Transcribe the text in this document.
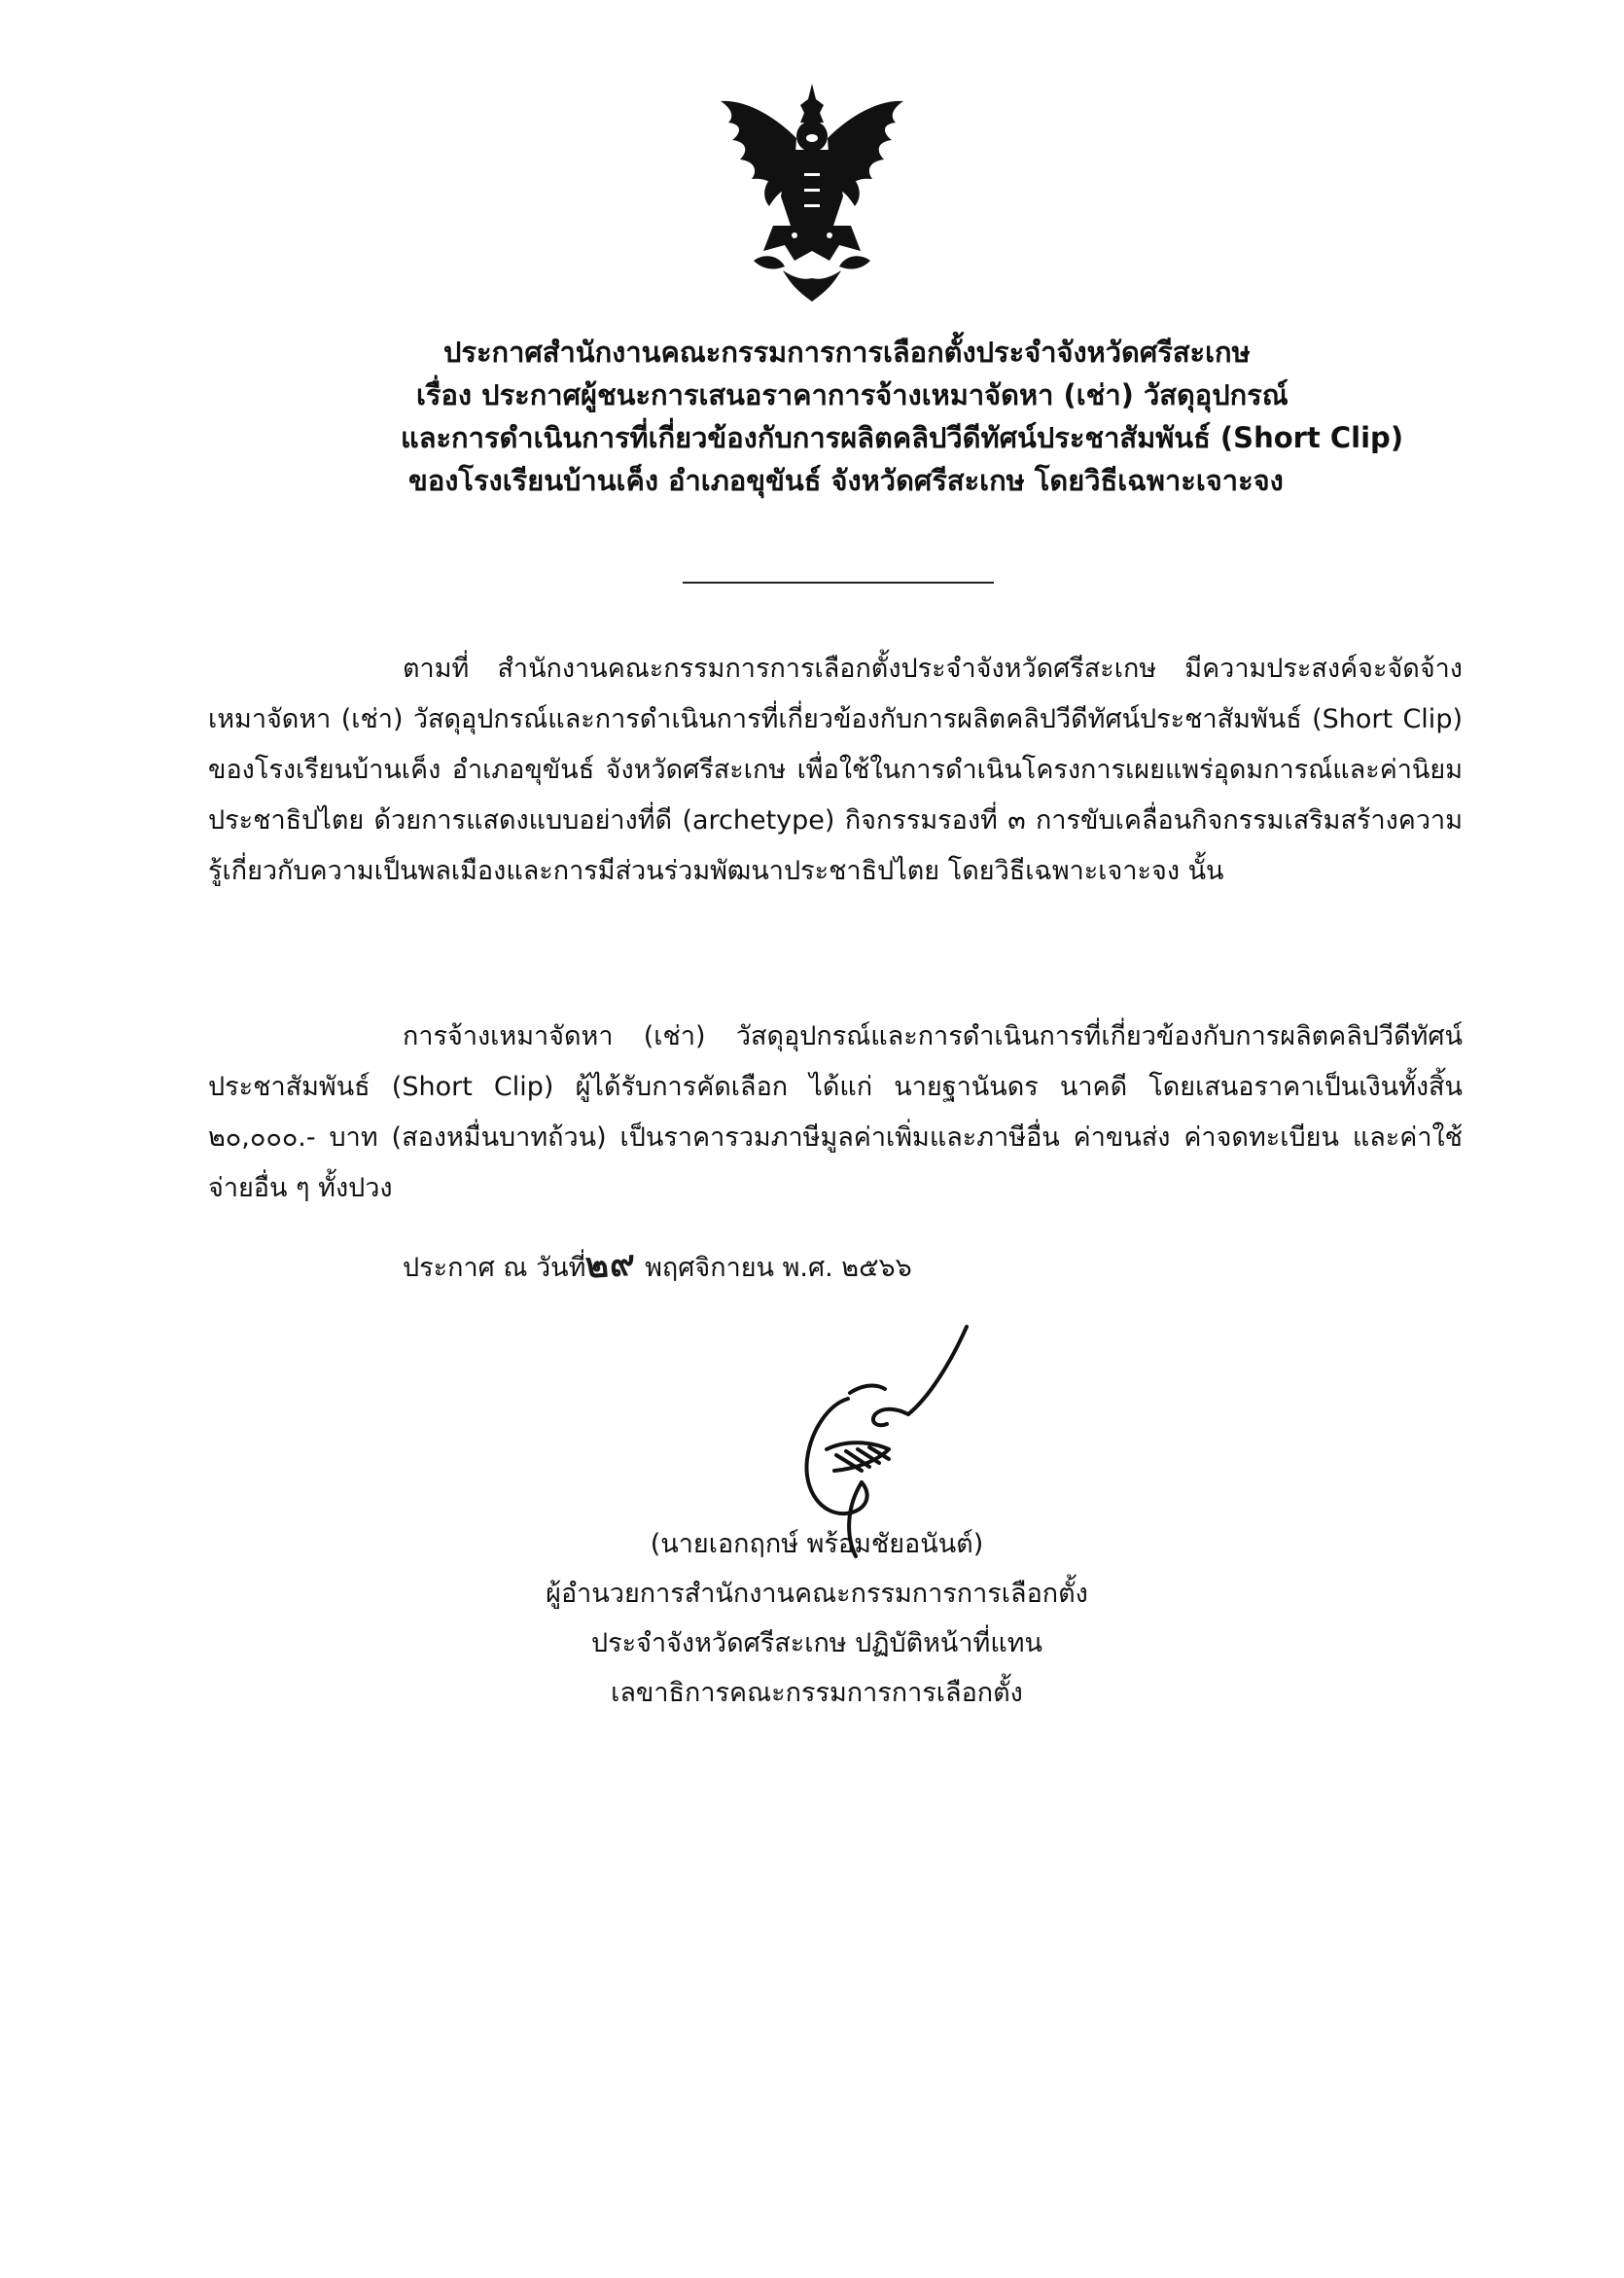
ประกาศสำนักงานคณะกรรมการการเลือกตั้งประจำจังหวัดศรีสะเกษ
เรื่อง ประกาศผู้ชนะการเสนอราคาการจ้างเหมาจัดหา (เช่า) วัสดุอุปกรณ์
และการดำเนินการที่เกี่ยวข้องกับการผลิตคลิปวีดีทัศน์ประชาสัมพันธ์ (Short Clip)
ของโรงเรียนบ้านเค็ง อำเภอขุขันธ์ จังหวัดศรีสะเกษ โดยวิธีเฉพาะเจาะจง
ตามที่ สำนักงานคณะกรรมการการเลือกตั้งประจำจังหวัดศรีสะเกษ มีความประสงค์จะจัดจ้างเหมาจัดหา (เช่า) วัสดุอุปกรณ์และการดำเนินการที่เกี่ยวข้องกับการผลิตคลิปวีดีทัศน์ประชาสัมพันธ์ (Short Clip) ของโรงเรียนบ้านเค็ง อำเภอขุขันธ์ จังหวัดศรีสะเกษ เพื่อใช้ในการดำเนินโครงการเผยแพร่อุดมการณ์และค่านิยมประชาธิปไตย ด้วยการแสดงแบบอย่างที่ดี (archetype) กิจกรรมรองที่ ๓ การขับเคลื่อนกิจกรรมเสริมสร้างความรู้เกี่ยวกับความเป็นพลเมืองและการมีส่วนร่วมพัฒนาประชาธิปไตย โดยวิธีเฉพาะเจาะจง นั้น
การจ้างเหมาจัดหา (เช่า) วัสดุอุปกรณ์และการดำเนินการที่เกี่ยวข้องกับการผลิตคลิปวีดีทัศน์ประชาสัมพันธ์ (Short Clip) ผู้ได้รับการคัดเลือก ได้แก่ นายฐานันดร นาคดี โดยเสนอราคาเป็นเงินทั้งสิ้น ๒๐,๐๐๐.- บาท (สองหมื่นบาทถ้วน) เป็นราคารวมภาษีมูลค่าเพิ่มและภาษีอื่น ค่าขนส่ง ค่าจดทะเบียน และค่าใช้จ่ายอื่น ๆ ทั้งปวง
ประกาศ ณ วันที่๒๙ พฤศจิกายน พ.ศ. ๒๕๖๖
(นายเอกฤกษ์ พร้อมชัยอนันต์)
ผู้อำนวยการสำนักงานคณะกรรมการการเลือกตั้ง
ประจำจังหวัดศรีสะเกษ ปฏิบัติหน้าที่แทน
เลขาธิการคณะกรรมการการเลือกตั้ง
